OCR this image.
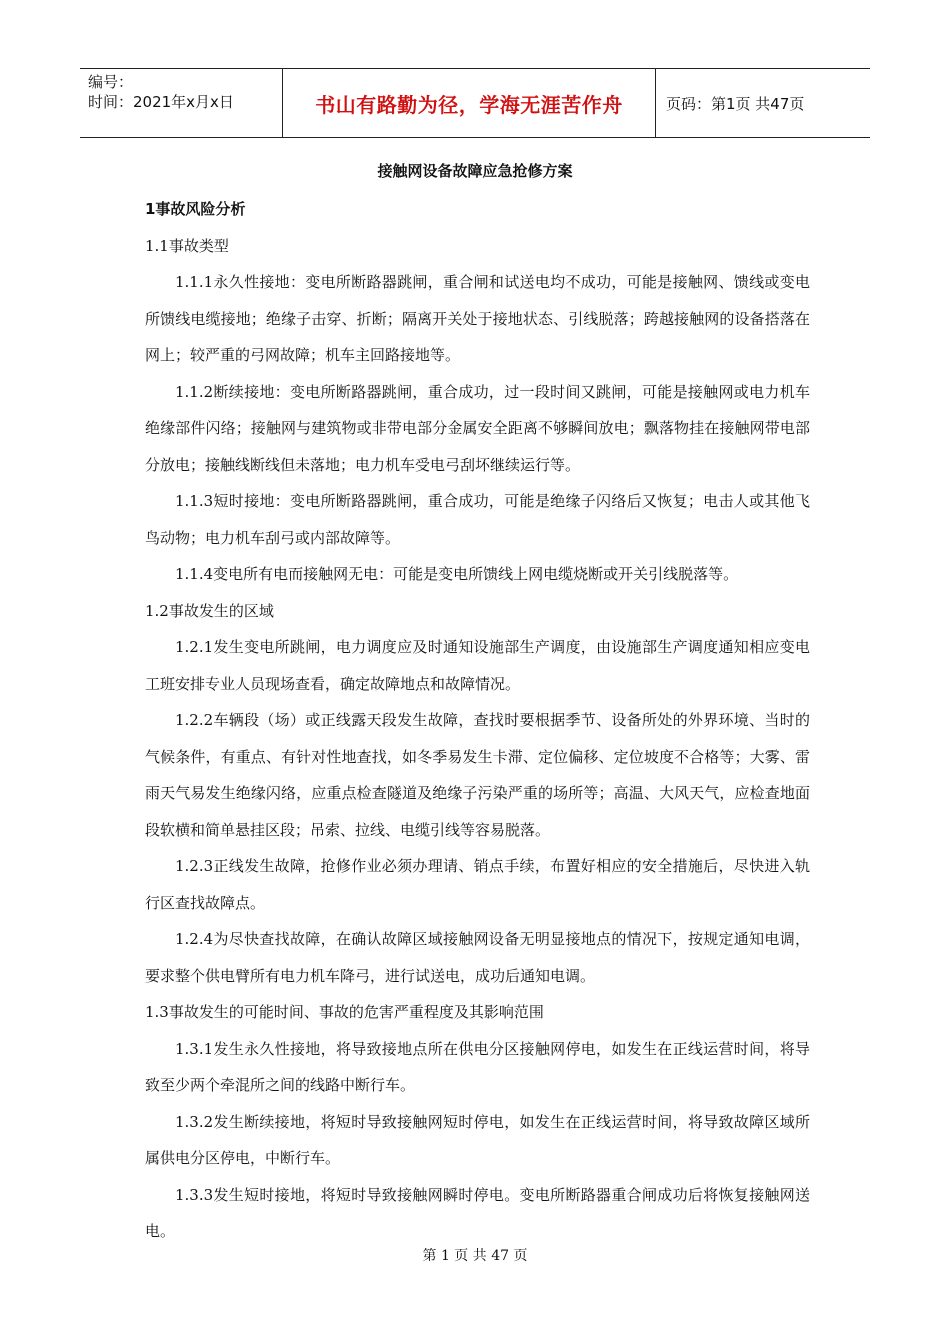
编号：
时间：2021年x月x日	书山有路勤为径，学海无涯苦作舟	页码：第1页 共47页
接触网设备故障应急抢修方案

1事故风险分析

1.1事故类型

1.1.1永久性接地：变电所断路器跳闸，重合闸和试送电均不成功，可能是接触网、馈线或变电所馈线电缆接地；绝缘子击穿、折断；隔离开关处于接地状态、引线脱落；跨越接触网的设备搭落在网上；较严重的弓网故障；机车主回路接地等。

1.1.2断续接地：变电所断路器跳闸，重合成功，过一段时间又跳闸，可能是接触网或电力机车绝缘部件闪络；接触网与建筑物或非带电部分金属安全距离不够瞬间放电；飘落物挂在接触网带电部分放电；接触线断线但未落地；电力机车受电弓刮坏继续运行等。

1.1.3短时接地：变电所断路器跳闸，重合成功，可能是绝缘子闪络后又恢复；电击人或其他飞鸟动物；电力机车刮弓或内部故障等。

1.1.4变电所有电而接触网无电：可能是变电所馈线上网电缆烧断或开关引线脱落等。

1.2事故发生的区域

1.2.1发生变电所跳闸，电力调度应及时通知设施部生产调度，由设施部生产调度通知相应变电工班安排专业人员现场查看，确定故障地点和故障情况。

1.2.2车辆段（场）或正线露天段发生故障，查找时要根据季节、设备所处的外界环境、当时的气候条件，有重点、有针对性地查找，如冬季易发生卡滞、定位偏移、定位坡度不合格等；大雾、雷雨天气易发生绝缘闪络，应重点检查隧道及绝缘子污染严重的场所等；高温、大风天气，应检查地面段软横和简单悬挂区段；吊索、拉线、电缆引线等容易脱落。

1.2.3正线发生故障，抢修作业必须办理请、销点手续，布置好相应的安全措施后，尽快进入轨行区查找故障点。

1.2.4为尽快查找故障，在确认故障区域接触网设备无明显接地点的情况下，按规定通知电调，要求整个供电臂所有电力机车降弓，进行试送电，成功后通知电调。

1.3事故发生的可能时间、事故的危害严重程度及其影响范围

1.3.1发生永久性接地，将导致接地点所在供电分区接触网停电，如发生在正线运营时间，将导致至少两个牵混所之间的线路中断行车。

1.3.2发生断续接地，将短时导致接触网短时停电，如发生在正线运营时间，将导致故障区域所属供电分区停电，中断行车。

1.3.3发生短时接地，将短时导致接触网瞬时停电。变电所断路器重合闸成功后将恢复接触网送电。

第 1 页 共 47 页
